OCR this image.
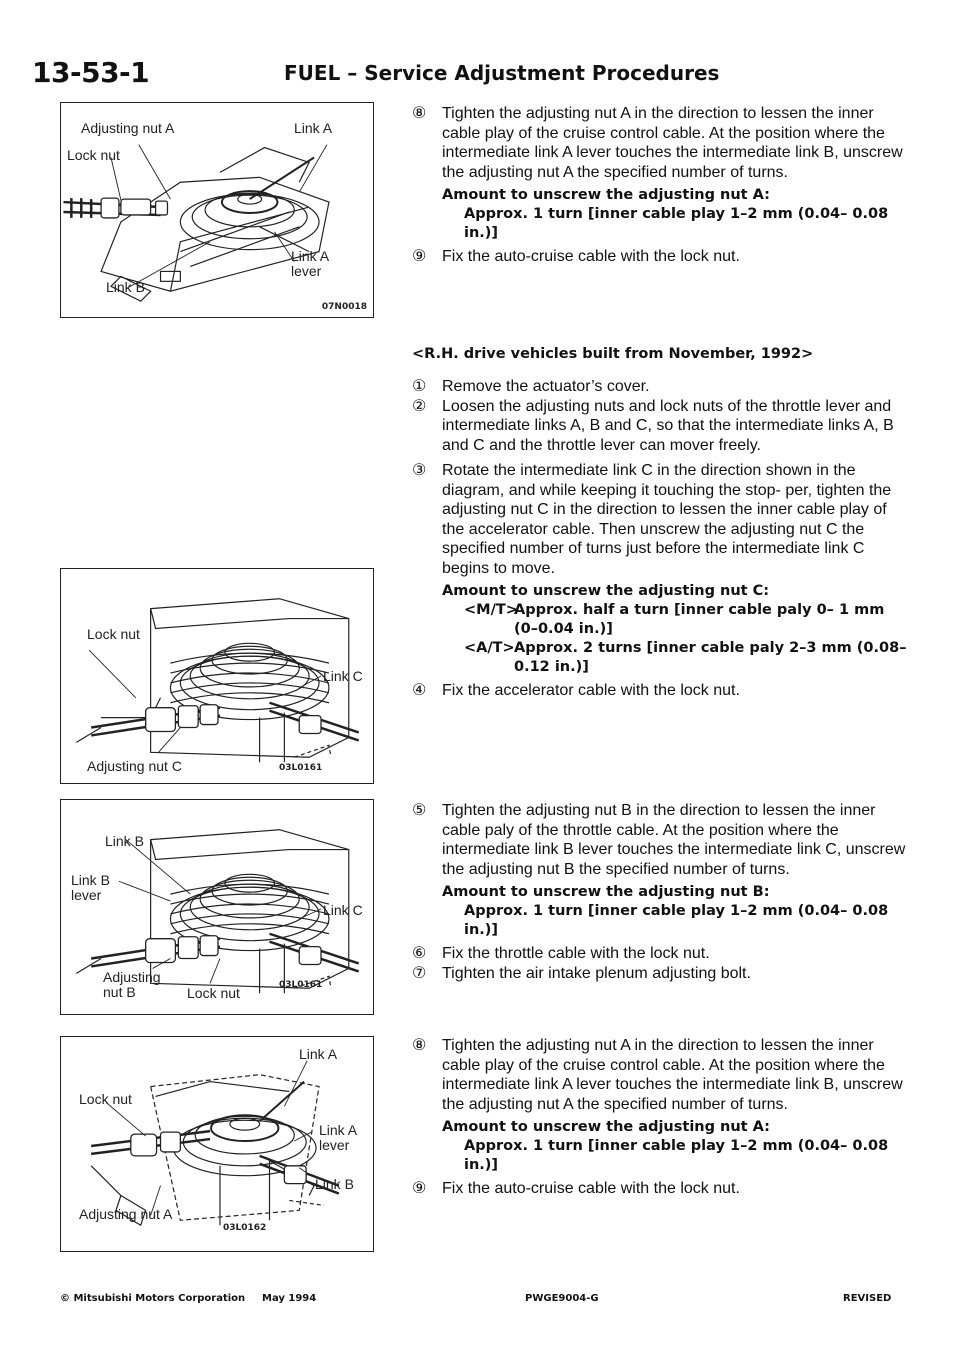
13-53-1	FUEL – Service Adjustment Procedures
Adjusting nut A	Link A
Lock nut
Link A
lever
Link B
07N0018
Lock nut
Link C
Adjusting nut C	03L0161
Link B
Link B
lever
Link C
Adjusting
nut B	Lock nut	03L0161
Link A
Lock nut
Link A
lever
Link B
Adjusting nut A
03L0162

⑧ Tighten the adjusting nut A in the direction to lessen the inner cable play of the cruise control cable. At the position where the intermediate link A lever touches the intermediate link B, unscrew the adjusting nut A the specified number of turns.

Amount to unscrew the adjusting nut A:
Approx. 1 turn [inner cable play 1–2 mm (0.04– 0.08 in.)]

⑨ Fix the auto-cruise cable with the lock nut.

<R.H. drive vehicles built from November, 1992>

① Remove the actuator’s cover.

② Loosen the adjusting nuts and lock nuts of the throttle lever and intermediate links A, B and C, so that the intermediate links A, B and C and the throttle lever can mover freely.

③ Rotate the intermediate link C in the direction shown in the diagram, and while keeping it touching the stop- per, tighten the adjusting nut C in the direction to lessen the inner cable play of the accelerator cable. Then unscrew the adjusting nut C the specified number of turns just before the intermediate link C begins to move.

Amount to unscrew the adjusting nut C:
<M/T>
Approx. half a turn [inner cable paly 0– 1 mm (0–0.04 in.)]
<A/T> Approx. 2 turns [inner cable paly 2–3 mm (0.08–0.12 in.)]

④ Fix the accelerator cable with the lock nut.

⑤ Tighten the adjusting nut B in the direction to lessen the inner cable paly of the throttle cable. At the position where the intermediate link B lever touches the intermediate link C, unscrew the adjusting nut B the specified number of turns.

Amount to unscrew the adjusting nut B:
Approx. 1 turn [inner cable play 1–2 mm (0.04– 0.08 in.)]

⑥ Fix the throttle cable with the lock nut.

⑦ Tighten the air intake plenum adjusting bolt.

⑧ Tighten the adjusting nut A in the direction to lessen the inner cable play of the cruise control cable. At the position where the intermediate link A lever touches the intermediate link B, unscrew the adjusting nut A the specified number of turns.

Amount to unscrew the adjusting nut A:
Approx. 1 turn [inner cable play 1–2 mm (0.04– 0.08 in.)]

⑨ Fix the auto-cruise cable with the lock nut.

© Mitsubishi Motors Corporation May 1994	PWGE9004-G	REVISED
